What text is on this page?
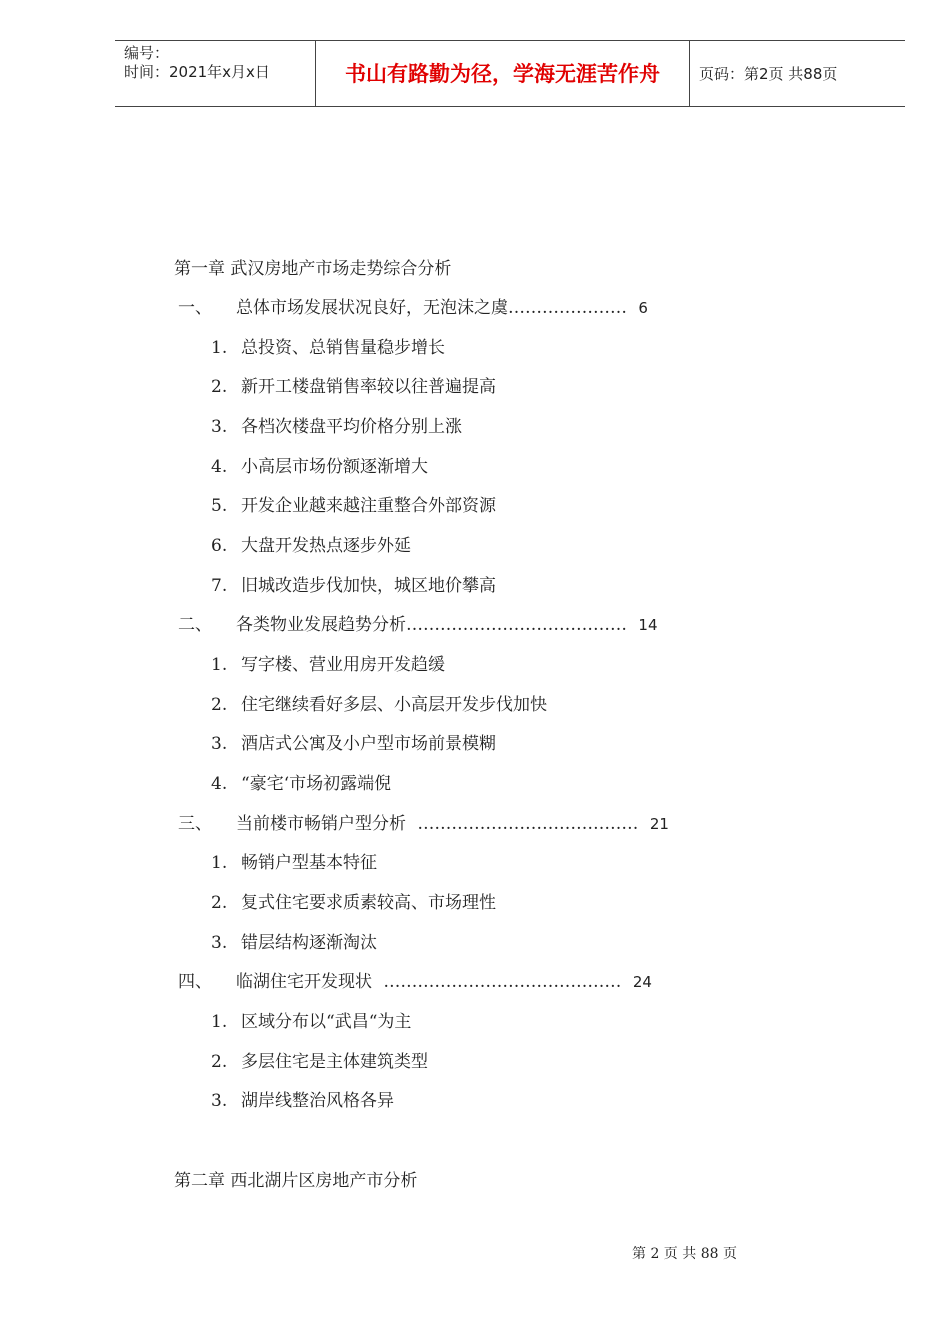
编号：
时间：2021年x月x日	书山有路勤为径，学海无涯苦作舟	页码：第2页 共88页
第一章 武汉房地产市场走势综合分析
一、 总体市场发展状况良好，无泡沫之虞………………… 6
1. 总投资、总销售量稳步增长
2. 新开工楼盘销售率较以往普遍提高
3. 各档次楼盘平均价格分别上涨
4. 小高层市场份额逐渐增大
5. 开发企业越来越注重整合外部资源
6. 大盘开发热点逐步外延
7. 旧城改造步伐加快，城区地价攀高
二、 各类物业发展趋势分析………………………………… 14
1. 写字楼、营业用房开发趋缓
2. 住宅继续看好多层、小高层开发步伐加快
3. 酒店式公寓及小户型市场前景模糊
4. “豪宅‘市场初露端倪
三、 当前楼市畅销户型分析 ………………………………… 21
1. 畅销户型基本特征
2. 复式住宅要求质素较高、市场理性
3. 错层结构逐渐淘汰
四、 临湖住宅开发现状 …………………………………… 24
1. 区域分布以“武昌“为主
2. 多层住宅是主体建筑类型
3. 湖岸线整治风格各异
第二章 西北湖片区房地产市分析
第 2 页 共 88 页
